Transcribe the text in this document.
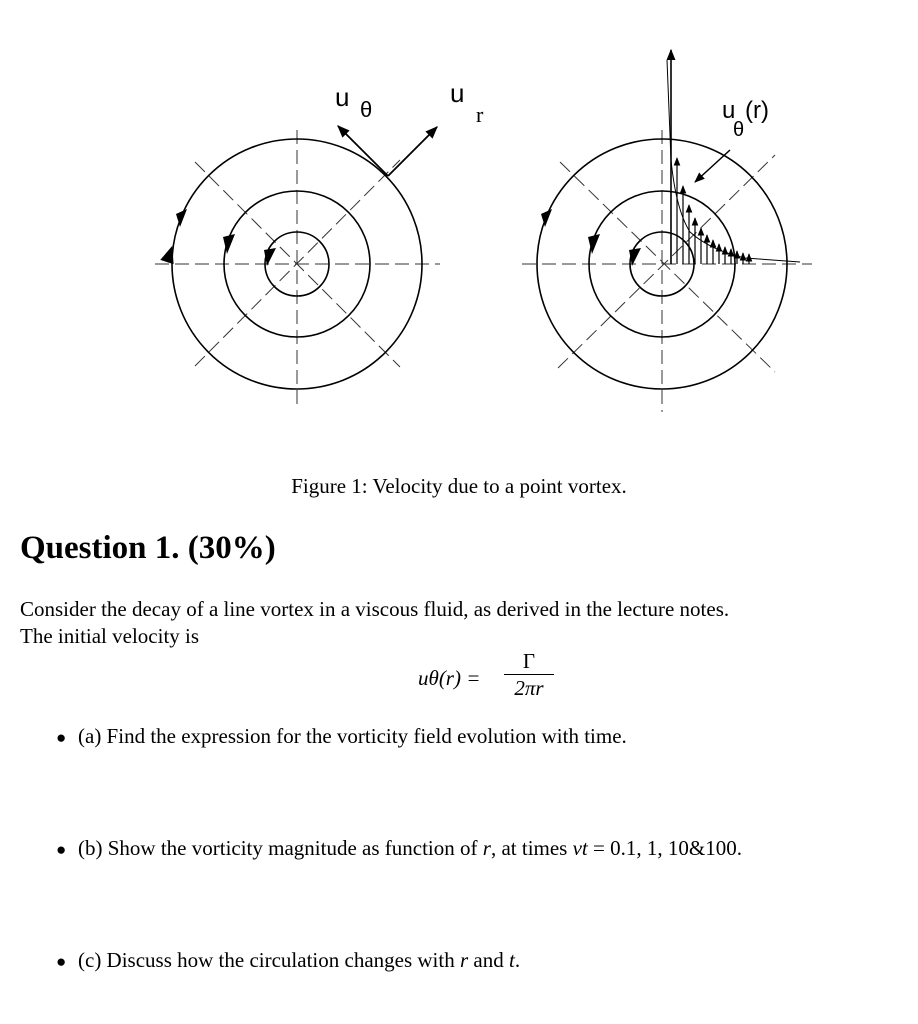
u θ
u
r	u
θ
(r)
Figure 1: Velocity due to a point vortex.
Question 1. (30%)
Consider the decay of a line vortex in a viscous fluid, as derived in the lecture notes.
The initial velocity is
uθ(r) =
Γ
2πr
● (a) Find the expression for the vorticity field evolution with time.
● (b) Show the vorticity magnitude as function of r, at times νt = 0.1, 1, 10&100.
● (c) Discuss how the circulation changes with r and t.
